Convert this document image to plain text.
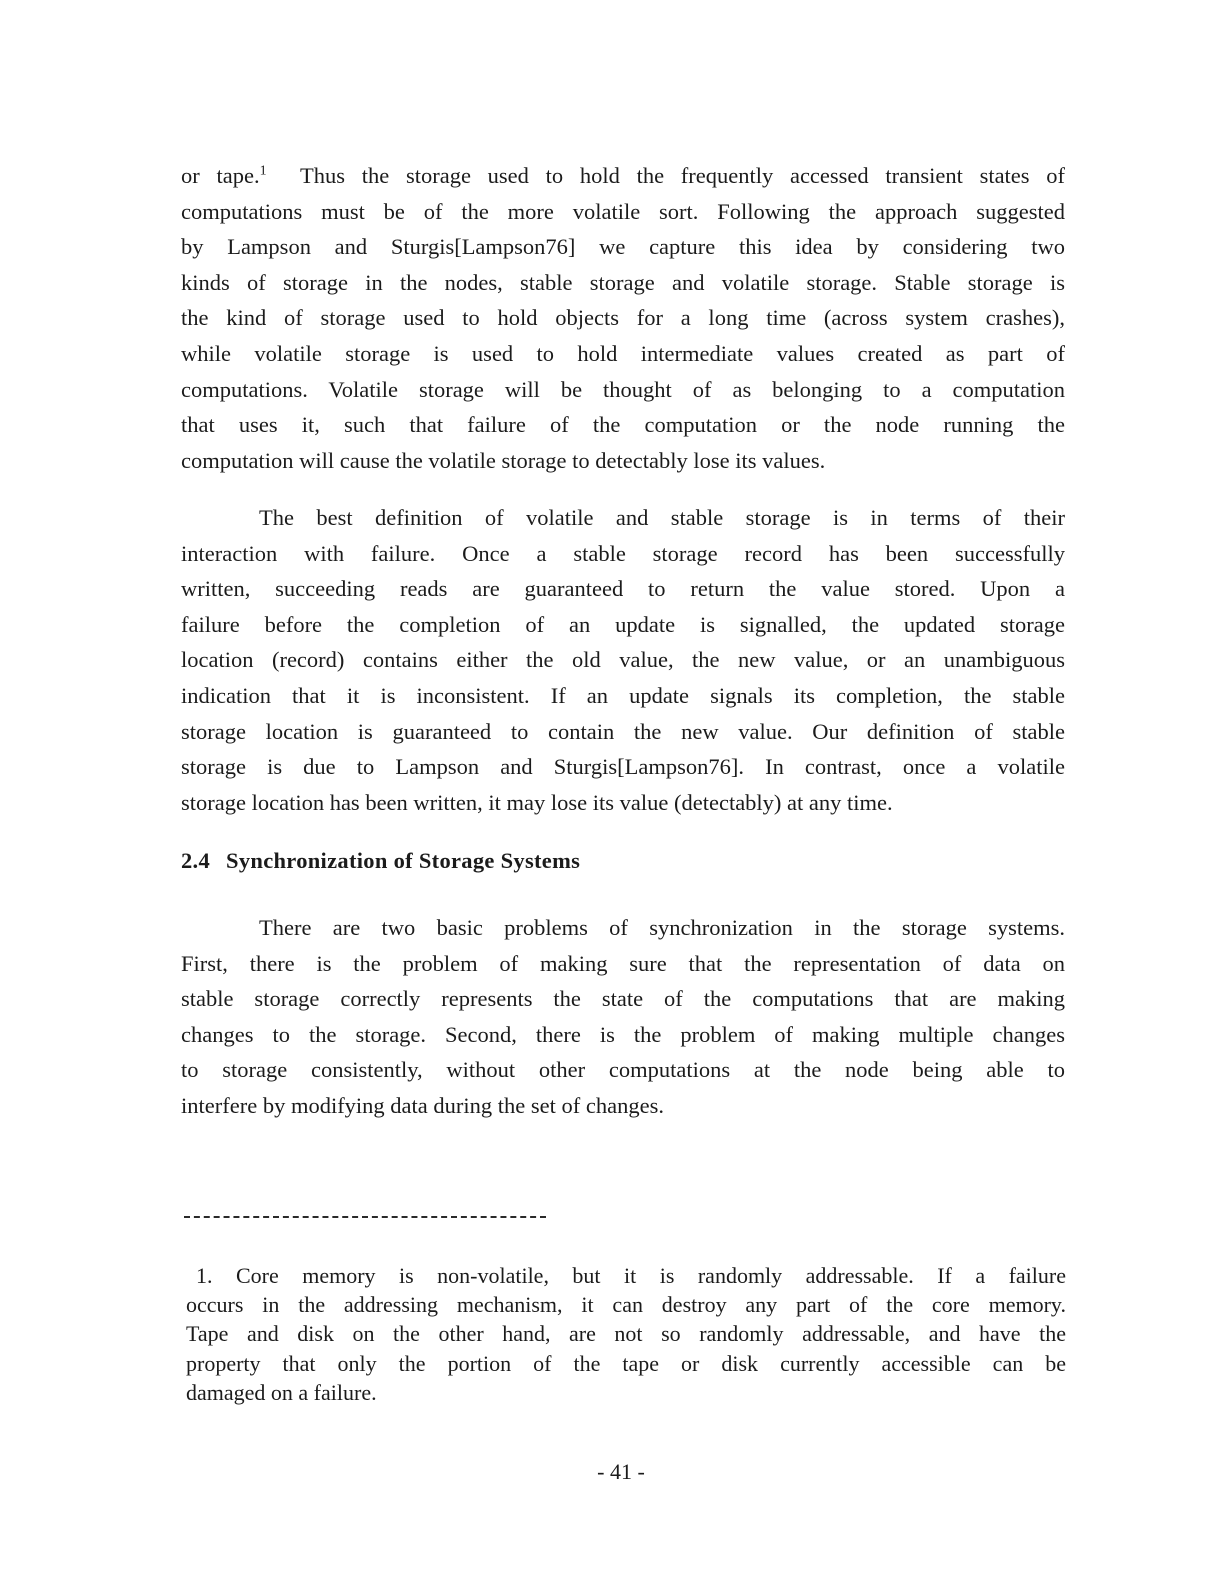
or tape.$^1$ Thus the storage used to hold the frequently accessed transient states of
computations must be of the more volatile sort. Following the approach suggested
by Lampson and Sturgis[Lampson76] we capture this idea by considering two
kinds of storage in the nodes, stable storage and volatile storage. Stable storage is
the kind of storage used to hold objects for a long time (across system crashes),
while volatile storage is used to hold intermediate values created as part of
computations. Volatile storage will be thought of as belonging to a computation
that uses it, such that failure of the computation or the node running the
computation will cause the volatile storage to detectably lose its values.

The best definition of volatile and stable storage is in terms of their
interaction with failure. Once a stable storage record has been successfully
written, succeeding reads are guaranteed to return the value stored. Upon a
failure before the completion of an update is signalled, the updated storage
location (record) contains either the old value, the new value, or an unambiguous
indication that it is inconsistent. If an update signals its completion, the stable
storage location is guaranteed to contain the new value. Our definition of stable
storage is due to Lampson and Sturgis[Lampson76]. In contrast, once a volatile
storage location has been written, it may lose its value (detectably) at any time.

2.4 Synchronization of Storage Systems

There are two basic problems of synchronization in the storage systems.
First, there is the problem of making sure that the representation of data on
stable storage correctly represents the state of the computations that are making
changes to the storage. Second, there is the problem of making multiple changes
to storage consistently, without other computations at the node being able to
interfere by modifying data during the set of changes.

1. Core memory is non-volatile, but it is randomly addressable. If a failure
occurs in the addressing mechanism, it can destroy any part of the core memory.
Tape and disk on the other hand, are not so randomly addressable, and have the
property that only the portion of the tape or disk currently accessible can be
damaged on a failure.

- 41 -
